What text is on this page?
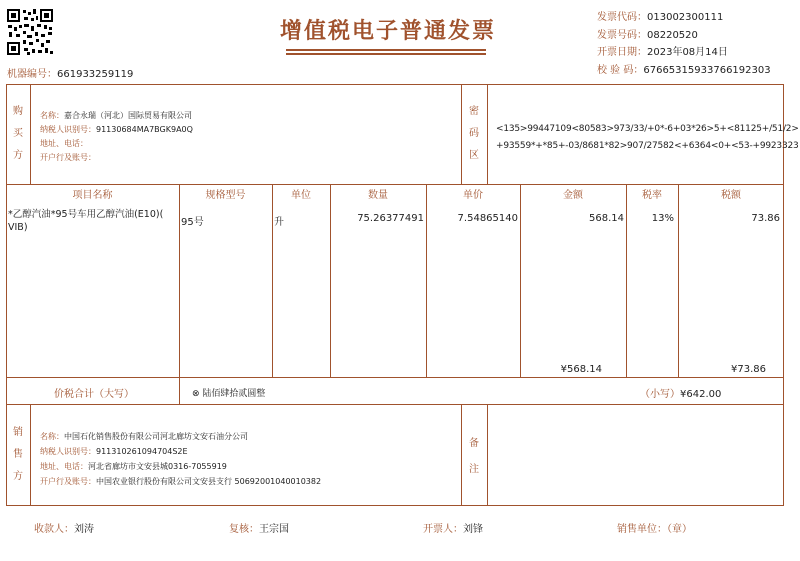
增值税电子普通发票
机器编号：661933259119
发票代码：013002300111
发票号码：08220520
开票日期：2023年08月14日
校 验 码：67665315933766192303
购
买
方
名称：嘉合永瑞（河北）国际贸易有限公司
纳税人识别号：91130684MA7BGK9A0Q
地址、电话：
开户行及账号：
密
码
区
<135>99447109<80583>973/33/+0*-6+03*26>5+<81125+/51/2>
+93559*+*85+-03/8681*82>907/27582<+6364<0+<53-+9923323
项目名称	规格型号	单位	数量	单价	金额	税率	税额
*乙醇汽油*95号车用乙醇汽油(E10)(
VIB)	95号	升	75.26377491	7.54865140	568.14	13%	73.86
¥568.14	¥73.86
价税合计（大写）	⊗ 陆佰肆拾贰圆整	（小写）¥642.00
销
售
方
名称：中国石化销售股份有限公司河北廊坊文安石油分公司
纳税人识别号：911310261094704S2E
地址、电话：河北省廊坊市文安县城0316-7055919
开户行及账号：中国农业银行股份有限公司文安县支行 50692001040010382
备
注
收款人：刘涛	复核：王宗国	开票人：刘锋	销售单位：（章）
